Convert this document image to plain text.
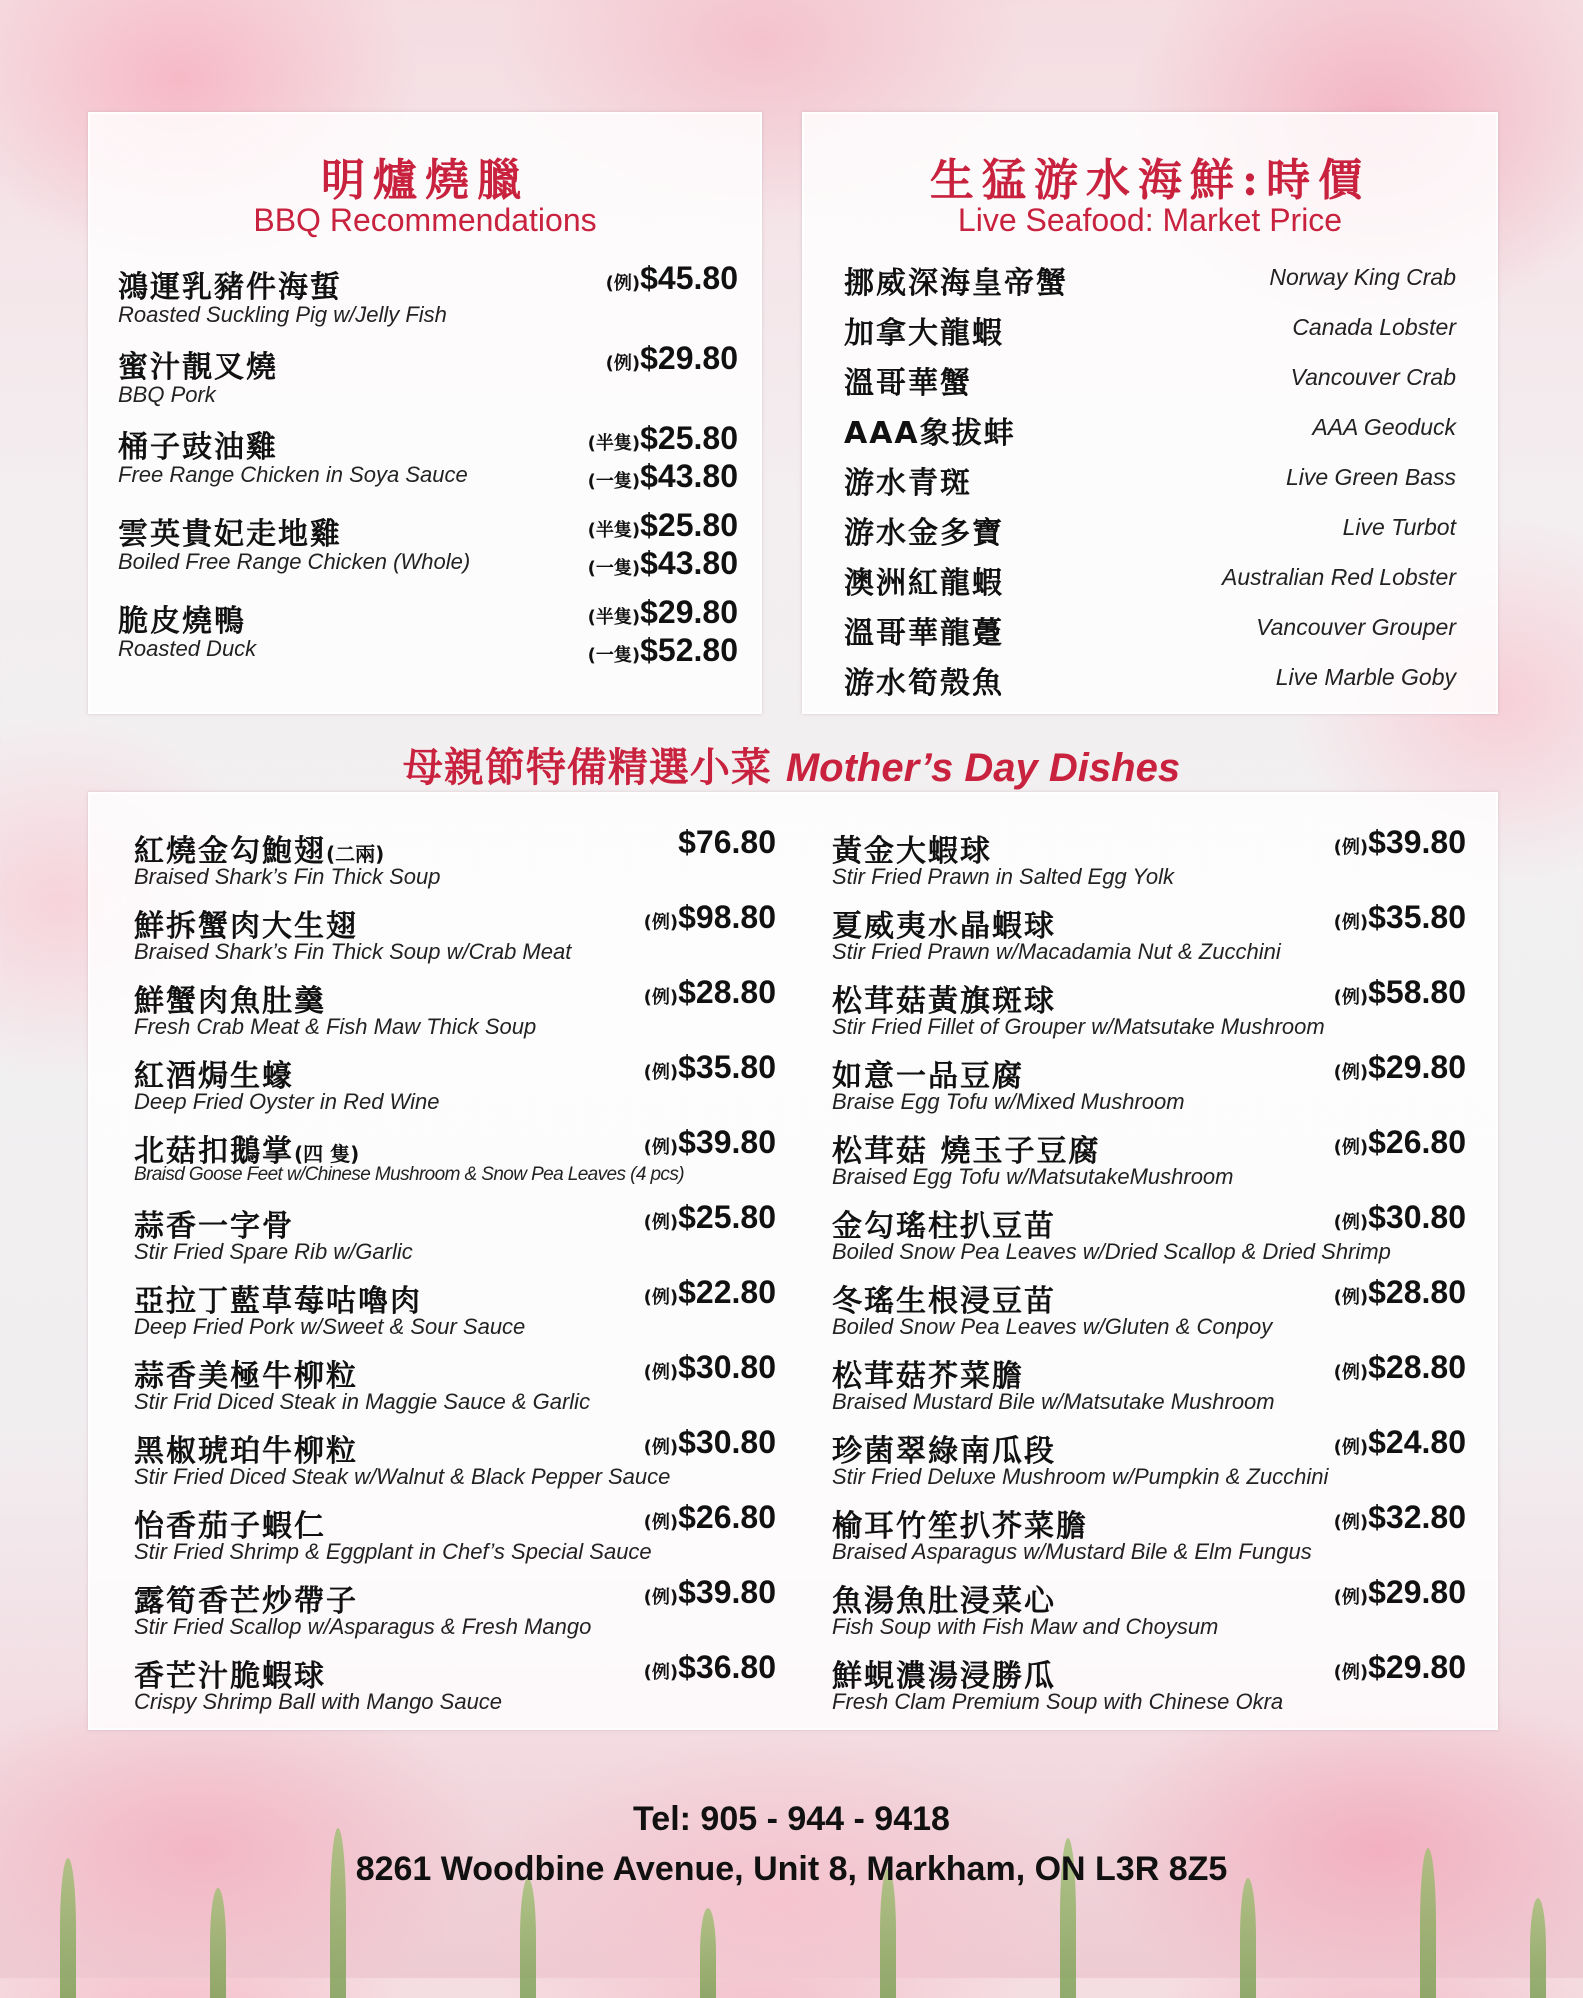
明爐燒臘
BBQ Recommendations
鴻運乳豬件海蜇
Roasted Suckling Pig w/Jelly Fish
(例)$45.80
蜜汁靚叉燒
BBQ Pork
(例)$29.80
桶子豉油雞
Free Range Chicken in Soya Sauce
(半隻)$25.80
(一隻)$43.80
雲英貴妃走地雞
Boiled Free Range Chicken (Whole)
(半隻)$25.80
(一隻)$43.80
脆皮燒鴨
Roasted Duck
(半隻)$29.80
(一隻)$52.80
生猛游水海鮮:時價
Live Seafood: Market Price
挪威深海皇帝蟹	Norway King Crab
加拿大龍蝦	Canada Lobster
溫哥華蟹	Vancouver Crab
AAA象拔蚌	AAA Geoduck
游水青斑	Live Green Bass
游水金多寶	Live Turbot
澳洲紅龍蝦	Australian Red Lobster
溫哥華龍躉	Vancouver Grouper
游水筍殼魚	Live Marble Goby
母親節特備精選小菜 Mother’s Day Dishes
紅燒金勾鮑翅(二兩)
Braised Shark’s Fin Thick Soup
$76.80
鮮拆蟹肉大生翅
Braised Shark’s Fin Thick Soup w/Crab Meat
(例)$98.80
鮮蟹肉魚肚羹
Fresh Crab Meat & Fish Maw Thick Soup
(例)$28.80
紅酒焗生蠔
Deep Fried Oyster in Red Wine
(例)$35.80
北菇扣鵝掌(四 隻)
Braisd Goose Feet w/Chinese Mushroom & Snow Pea Leaves (4 pcs)
(例)$39.80
蒜香一字骨
Stir Fried Spare Rib w/Garlic
(例)$25.80
亞拉丁藍草莓咕嚕肉
Deep Fried Pork w/Sweet & Sour Sauce
(例)$22.80
蒜香美極牛柳粒
Stir Frid Diced Steak in Maggie Sauce & Garlic
(例)$30.80
黑椒琥珀牛柳粒
Stir Fried Diced Steak w/Walnut & Black Pepper Sauce
(例)$30.80
怡香茄子蝦仁
Stir Fried Shrimp & Eggplant in Chef’s Special Sauce
(例)$26.80
露筍香芒炒帶子
Stir Fried Scallop w/Asparagus & Fresh Mango
(例)$39.80
香芒汁脆蝦球
Crispy Shrimp Ball with Mango Sauce
(例)$36.80
黃金大蝦球
Stir Fried Prawn in Salted Egg Yolk
(例)$39.80
夏威夷水晶蝦球
Stir Fried Prawn w/Macadamia Nut & Zucchini
(例)$35.80
松茸菇黃旗斑球
Stir Fried Fillet of Grouper w/Matsutake Mushroom
(例)$58.80
如意一品豆腐
Braise Egg Tofu w/Mixed Mushroom
(例)$29.80
松茸菇 燒玉子豆腐
Braised Egg Tofu w/MatsutakeMushroom
(例)$26.80
金勾瑤柱扒豆苗
Boiled Snow Pea Leaves w/Dried Scallop & Dried Shrimp
(例)$30.80
冬瑤生根浸豆苗
Boiled Snow Pea Leaves w/Gluten & Conpoy
(例)$28.80
松茸菇芥菜膽
Braised Mustard Bile w/Matsutake Mushroom
(例)$28.80
珍菌翠綠南瓜段
Stir Fried Deluxe Mushroom w/Pumpkin & Zucchini
(例)$24.80
榆耳竹笙扒芥菜膽
Braised Asparagus w/Mustard Bile & Elm Fungus
(例)$32.80
魚湯魚肚浸菜心
Fish Soup with Fish Maw and Choysum
(例)$29.80
鮮蜆濃湯浸勝瓜
Fresh Clam Premium Soup with Chinese Okra
(例)$29.80
Tel: 905 - 944 - 9418
8261 Woodbine Avenue, Unit 8, Markham, ON L3R 8Z5
